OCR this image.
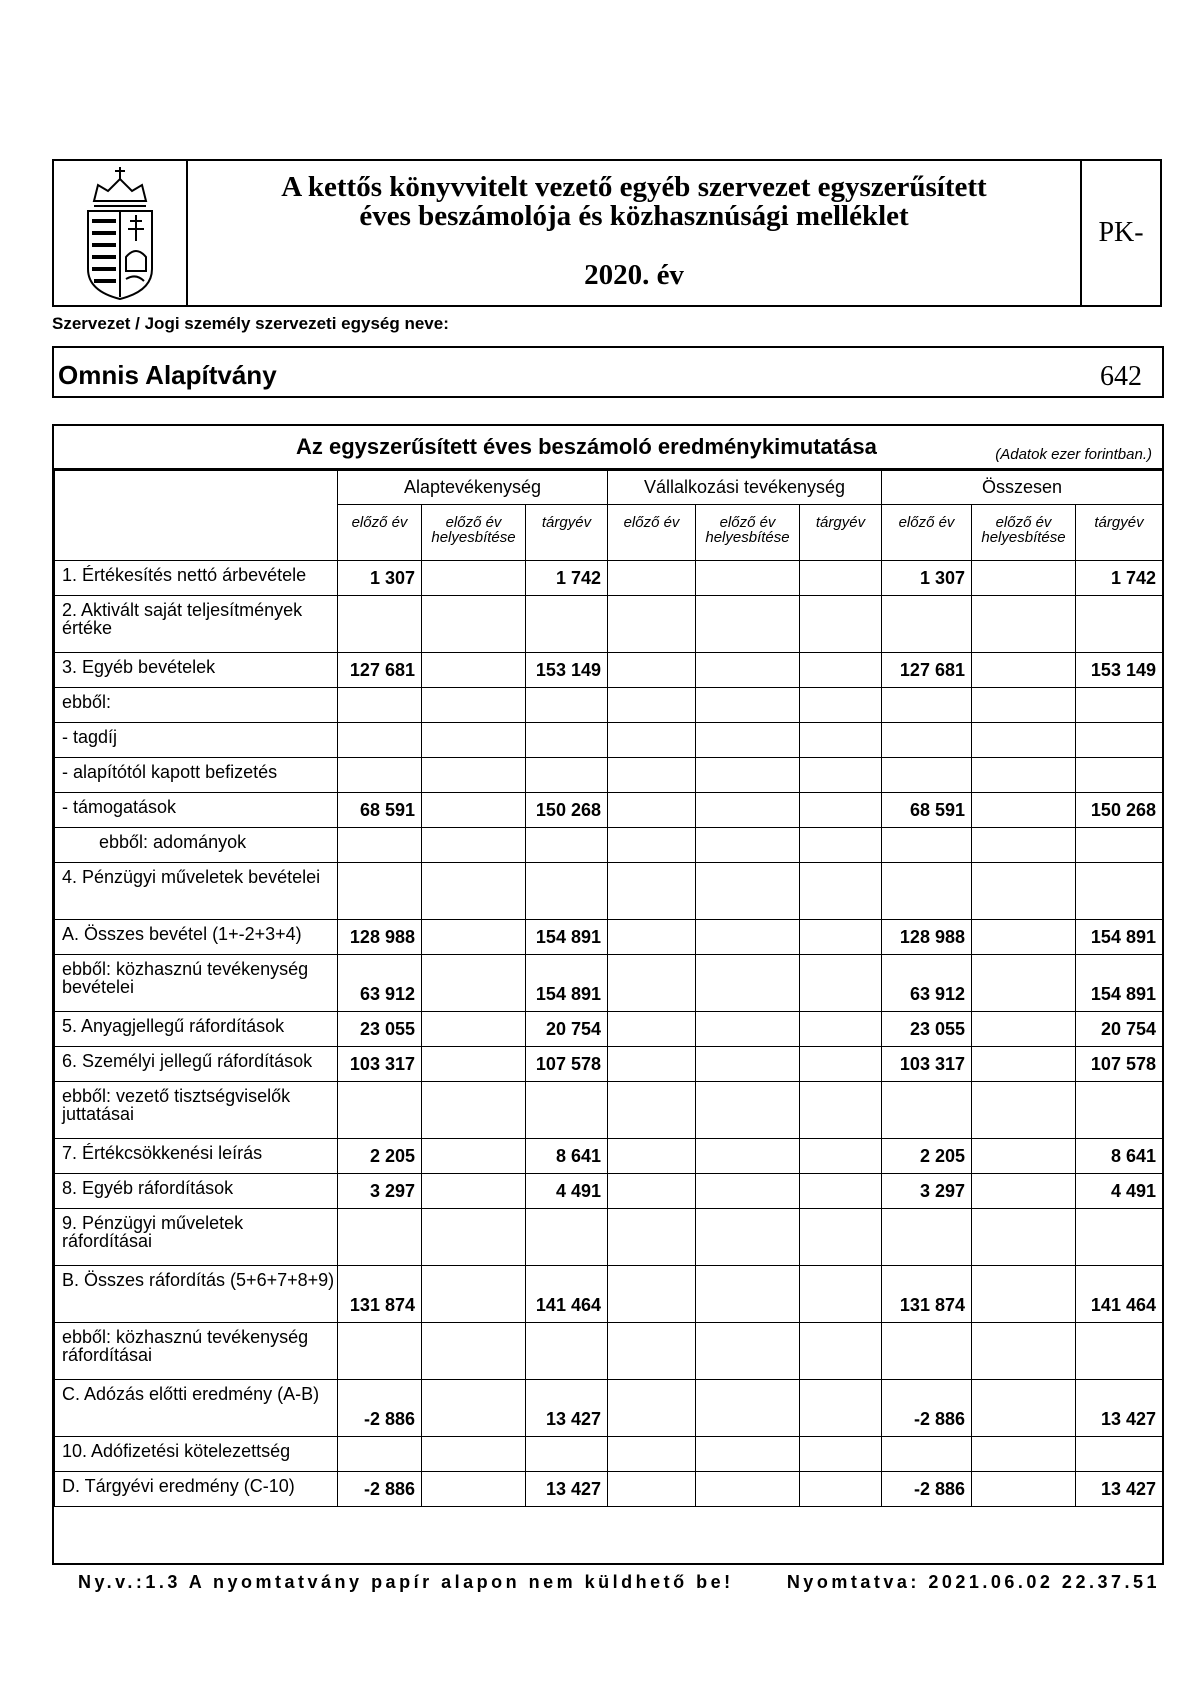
A kettős könyvvitelt vezető egyéb szervezet egyszerűsített
éves beszámolója és közhasznúsági melléklet
2020. év
PK-642
Szervezet / Jogi személy szervezeti egység neve:
Omnis Alapítvány
Az egyszerűsített éves beszámoló eredménykimutatása	(Adatok ezer forintban.)
	Alaptevékenység			Vállalkozási tevékenység			Összesen		
	előző év	előző év helyesbítése	tárgyév	előző év	előző év helyesbítése	tárgyév	előző év	előző év helyesbítése	tárgyév
1. Értékesítés nettó árbevétele	1 307		1 742				1 307		1 742
2. Aktivált saját teljesítmények értéke									
3. Egyéb bevételek	127 681		153 149				127 681		153 149
ebből:									
- tagdíj									
- alapítótól kapott befizetés									
- támogatások	68 591		150 268				68 591		150 268
ebből: adományok									
4. Pénzügyi műveletek bevételei									
A. Összes bevétel (1+-2+3+4)	128 988		154 891				128 988		154 891
ebből: közhasznú tevékenység bevételei	63 912		154 891				63 912		154 891
5. Anyagjellegű ráfordítások	23 055		20 754				23 055		20 754
6. Személyi jellegű ráfordítások	103 317		107 578				103 317		107 578
ebből: vezető tisztségviselők juttatásai									
7. Értékcsökkenési leírás	2 205		8 641				2 205		8 641
8. Egyéb ráfordítások	3 297		4 491				3 297		4 491
9. Pénzügyi műveletek ráfordításai									
B. Összes ráfordítás (5+6+7+8+9)	131 874		141 464				131 874		141 464
ebből: közhasznú tevékenység ráfordításai									
C. Adózás előtti eredmény (A-B)	-2 886		13 427				-2 886		13 427
10. Adófizetési kötelezettség									
D. Tárgyévi eredmény (C-10)	-2 886		13 427				-2 886		13 427
Ny.v.:1.3 A nyomtatvány papír alapon nem küldhető be!	Nyomtatva: 2021.06.02 22.37.51
